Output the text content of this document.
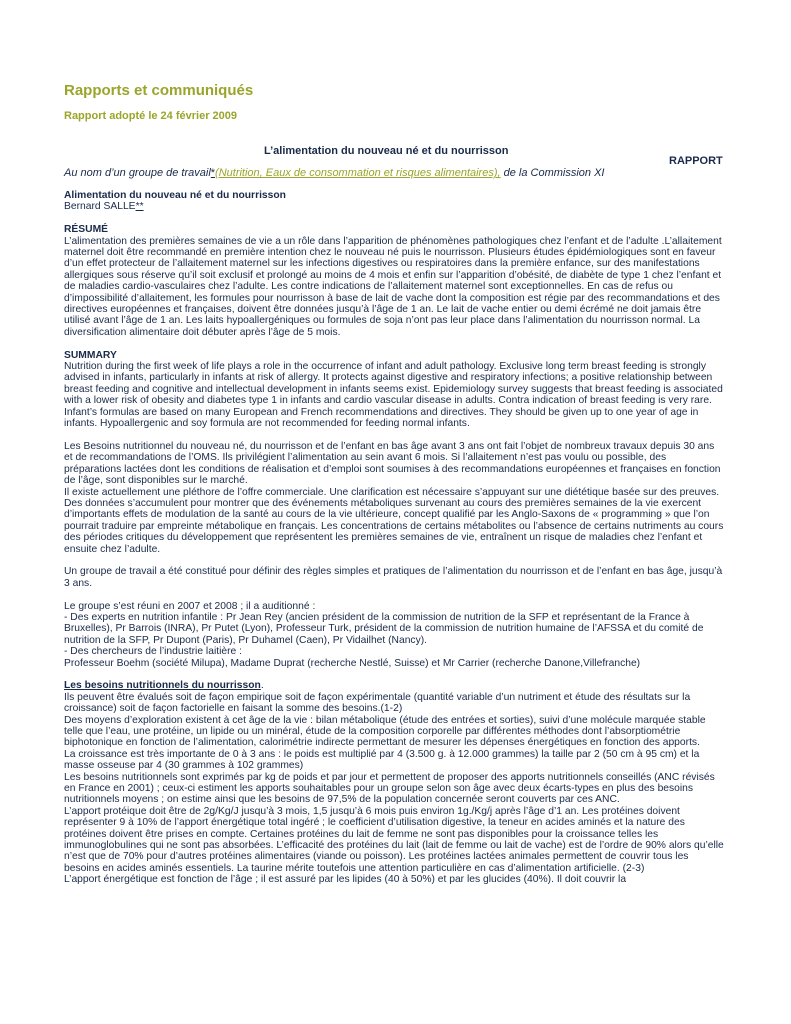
Rapports et communiqués
Rapport adopté le 24 février 2009
L’alimentation du nouveau né et du nourrisson
RAPPORT
Au nom d’un groupe de travail*(Nutrition, Eaux de consommation et risques alimentaires), de la Commission XI

Alimentation du nouveau né et du nourrisson

Bernard SALLE**

RÉSUMÉ

L’alimentation des premières semaines de vie a un rôle dans l’apparition de phénomènes pathologiques chez l’enfant et de l’adulte .L’allaitement maternel doit être recommandé en première intention chez le nouveau né puis le nourrisson. Plusieurs études épidémiologiques sont en faveur d’un effet protecteur de l’allaitement maternel sur les infections digestives ou respiratoires dans la première enfance, sur des manifestations allergiques sous réserve qu’il soit exclusif et prolongé au moins de 4 mois et enfin sur l’apparition d’obésité, de diabète de type 1 chez l’enfant et de maladies cardio-vasculaires chez l’adulte. Les contre indications de l’allaitement maternel sont exceptionnelles. En cas de refus ou d’impossibilité d’allaitement, les formules pour nourrisson à base de lait de vache dont la composition est régie par des recommandations et des directives européennes et françaises, doivent être données jusqu’à l’âge de 1 an. Le lait de vache entier ou demi écrémé ne doit jamais être utilisé avant l’âge de 1 an. Les laits hypoallergéniques ou formules de soja n’ont pas leur place dans l’alimentation du nourrisson normal. La diversification alimentaire doit débuter après l’âge de 5 mois.

SUMMARY

Nutrition during the first week of life plays a role in the occurrence of infant and adult pathology. Exclusive long term breast feeding is strongly advised in infants, particularly in infants at risk of allergy. It protects against digestive and respiratory infections; a positive relationship between breast feeding and cognitive and intellectual development in infants seems exist. Epidemiology survey suggests that breast feeding is associated with a lower risk of obesity and diabetes type 1 in infants and cardio vascular disease in adults. Contra indication of breast feeding is very rare. Infant’s formulas are based on many European and French recommendations and directives. They should be given up to one year of age in infants. Hypoallergenic and soy formula are not recommended for feeding normal infants.

Les Besoins nutritionnel du nouveau né, du nourrisson et de l’enfant en bas âge avant 3 ans ont fait l’objet de nombreux travaux depuis 30 ans et de recommandations de l’OMS. Ils privilégient l’alimentation au sein avant 6 mois. Si l’allaitement n’est pas voulu ou possible, des préparations lactées dont les conditions de réalisation et d’emploi sont soumises à des recommandations européennes et françaises en fonction de l’âge, sont disponibles sur le marché.

Il existe actuellement une pléthore de l’offre commerciale. Une clarification est nécessaire s’appuyant sur une diététique basée sur des preuves.

Des données s’accumulent pour montrer que des événements métaboliques survenant au cours des premières semaines de la vie exercent d’importants effets de modulation de la santé au cours de la vie ultérieure, concept qualifié par les Anglo-Saxons de « programming » que l’on pourrait traduire par empreinte métabolique en français. Les concentrations de certains métabolites ou l’absence de certains nutriments au cours des périodes critiques du développement que représentent les premières semaines de vie, entraînent un risque de maladies chez l’enfant et ensuite chez l’adulte.

Un groupe de travail a été constitué pour définir des règles simples et pratiques de l’alimentation du nourrisson et de l’enfant en bas âge, jusqu’à 3 ans.

Le groupe s’est réuni en 2007 et 2008 ; il a auditionné :

- Des experts en nutrition infantile : Pr Jean Rey (ancien président de la commission de nutrition de la SFP et représentant de la France à Bruxelles), Pr Barrois (INRA), Pr Putet (Lyon), Professeur Turk, président de la commission de nutrition humaine de l’AFSSA et du comité de nutrition de la SFP, Pr Dupont (Paris), Pr Duhamel (Caen), Pr Vidailhet (Nancy).

- Des chercheurs de l’industrie laitière :

Professeur Boehm (société Milupa), Madame Duprat (recherche Nestlé, Suisse) et Mr Carrier (recherche Danone,Villefranche)

Les besoins nutritionnels du nourrisson.

Ils peuvent être évalués soit de façon empirique soit de façon expérimentale (quantité variable d’un nutriment et étude des résultats sur la croissance) soit de façon factorielle en faisant la somme des besoins.(1-2)

Des moyens d’exploration existent à cet âge de la vie : bilan métabolique (étude des entrées et sorties), suivi d’une molécule marquée stable telle que l’eau, une protéine, un lipide ou un minéral, étude de la composition corporelle par différentes méthodes dont l’absorptiométrie biphotonique en fonction de l’alimentation, calorimétrie indirecte permettant de mesurer les dépenses énergétiques en fonction des apports.

La croissance est très importante de 0 à 3 ans : le poids est multiplié par 4 (3.500 g. à 12.000 grammes) la taille par 2 (50 cm à 95 cm) et la masse osseuse par 4 (30 grammes à 102 grammes)

Les besoins nutritionnels sont exprimés par kg de poids et par jour et permettent de proposer des apports nutritionnels conseillés (ANC révisés en France en 2001) ; ceux-ci estiment les apports souhaitables pour un groupe selon son âge avec deux écarts-types en plus des besoins nutritionnels moyens ; on estime ainsi que les besoins de 97,5% de la population concernée seront couverts par ces ANC.

L’apport protéique doit être de 2g/Kg/J jusqu’à 3 mois, 1,5 jusqu’à 6 mois puis environ 1g./Kg/j après l’âge d’1 an. Les protéines doivent représenter 9 à 10% de l’apport énergétique total ingéré ; le coefficient d’utilisation digestive, la teneur en acides aminés et la nature des protéines doivent être prises en compte. Certaines protéines du lait de femme ne sont pas disponibles pour la croissance telles les immunoglobulines qui ne sont pas absorbées. L’efficacité des protéines du lait (lait de femme ou lait de vache) est de l’ordre de 90% alors qu’elle n’est que de 70% pour d’autres protéines alimentaires (viande ou poisson). Les protéines lactées animales permettent de couvrir tous les besoins en acides aminés essentiels. La taurine mérite toutefois une attention particulière en cas d’alimentation artificielle. (2-3)

L’apport énergétique est fonction de l’âge ; il est assuré par les lipides (40 à 50%) et par les glucides (40%). Il doit couvrir la
